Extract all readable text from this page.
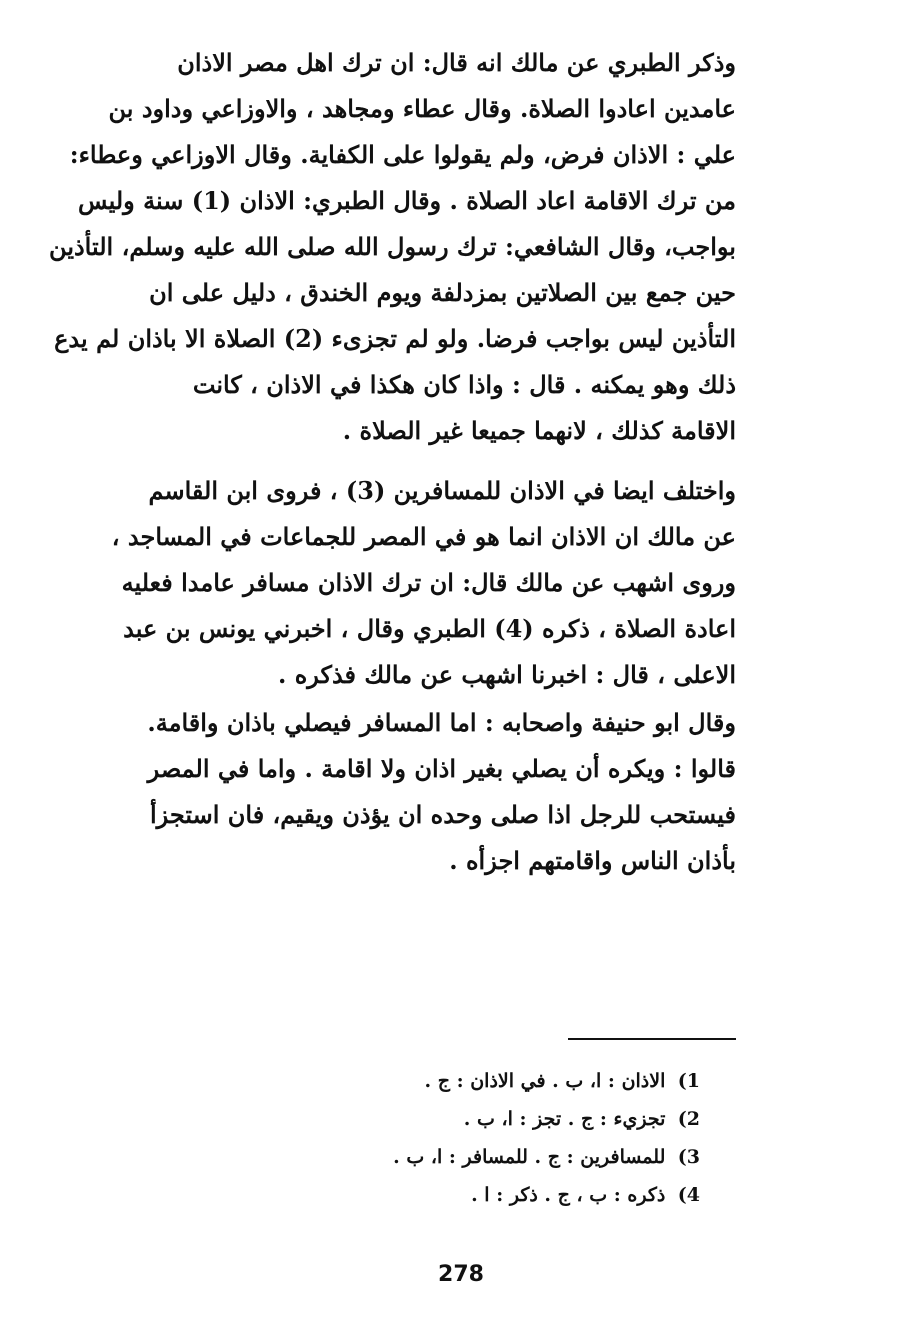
وذكر الطبري عن مالك انه قال: ان ترك اهل مصر الاذان
عامدين اعادوا الصلاة. وقال عطاء ومجاهد ، والاوزاعي وداود بن
علي : الاذان فرض، ولم يقولوا على الكفاية. وقال الاوزاعي وعطاء:
من ترك الاقامة اعاد الصلاة . وقال الطبري: الاذان (1) سنة وليس
بواجب، وقال الشافعي: ترك رسول الله صلى الله عليه وسلم، التأذين
حين جمع بين الصلاتين بمزدلفة ويوم الخندق ، دليل على ان
التأذين ليس بواجب فرضا. ولو لم تجزىء (2) الصلاة الا باذان لم يدع
ذلك وهو يمكنه . قال : واذا كان هكذا في الاذان ، كانت
الاقامة كذلك ، لانهما جميعا غير الصلاة .
واختلف ايضا في الاذان للمسافرين (3) ، فروى ابن القاسم
عن مالك ان الاذان انما هو في المصر للجماعات في المساجد ،
وروى اشهب عن مالك قال: ان ترك الاذان مسافر عامدا فعليه
اعادة الصلاة ، ذكره (4) الطبري وقال ، اخبرني يونس بن عبد
الاعلى ، قال : اخبرنا اشهب عن مالك فذكره .
وقال ابو حنيفة واصحابه : اما المسافر فيصلي باذان واقامة.
قالوا : ويكره أن يصلي بغير اذان ولا اقامة . واما في المصر
فيستحب للرجل اذا صلى وحده ان يؤذن ويقيم، فان استجزأ
بأذان الناس واقامتهم اجزأه .
1) الاذان : ا، ب . في الاذان : ج .
2) تجزيء : ج . تجز : ا، ب .
3) للمسافرين : ج . للمسافر : ا، ب .
4) ذكره : ب ، ج . ذكر : ا .
278
